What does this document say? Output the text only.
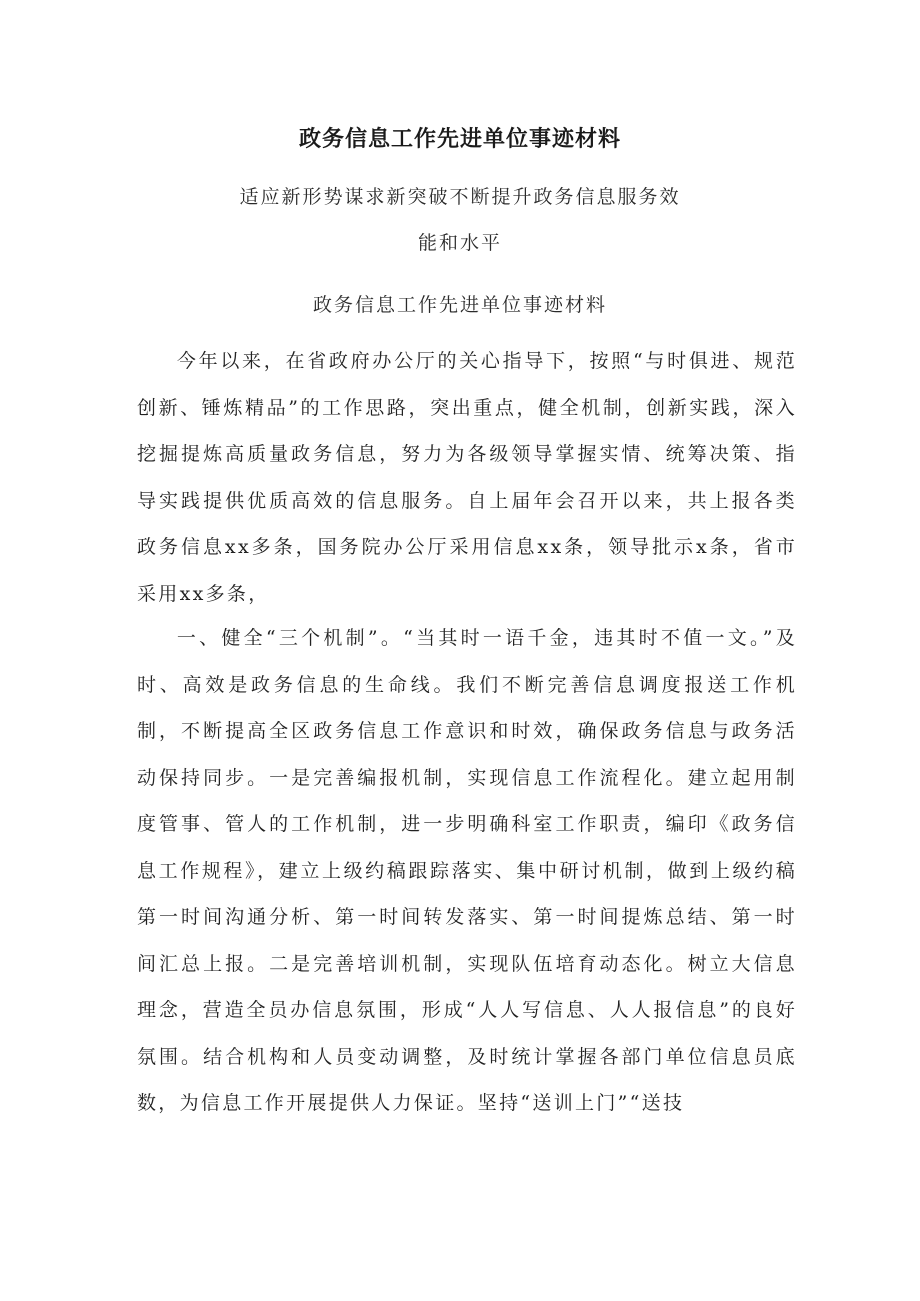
政务信息工作先进单位事迹材料
适应新形势谋求新突破不断提升政务信息服务效
能和水平
政务信息工作先进单位事迹材料

今年以来，在省政府办公厅的关心指导下，按照“与时俱进、规范创新、锤炼精品”的工作思路，突出重点，健全机制，创新实践，深入挖掘提炼高质量政务信息，努力为各级领导掌握实情、统筹决策、指导实践提供优质高效的信息服务。自上届年会召开以来，共上报各类政务信息xx多条，国务院办公厅采用信息xx条，领导批示x条，省市采用xx多条，

一、健全“三个机制”。“当其时一语千金，违其时不值一文。”及时、高效是政务信息的生命线。我们不断完善信息调度报送工作机制，不断提高全区政务信息工作意识和时效，确保政务信息与政务活动保持同步。一是完善编报机制，实现信息工作流程化。建立起用制度管事、管人的工作机制，进一步明确科室工作职责，编印《政务信息工作规程》，建立上级约稿跟踪落实、集中研讨机制，做到上级约稿第一时间沟通分析、第一时间转发落实、第一时间提炼总结、第一时间汇总上报。二是完善培训机制，实现队伍培育动态化。树立大信息理念，营造全员办信息氛围，形成“人人写信息、人人报信息”的良好氛围。结合机构和人员变动调整，及时统计掌握各部门单位信息员底数，为信息工作开展提供人力保证。坚持“送训上门”“送技
